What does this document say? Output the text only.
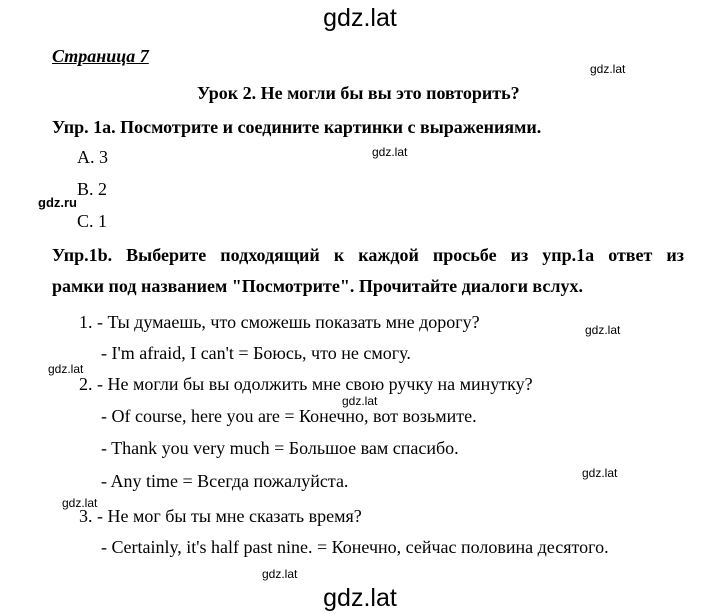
gdz.lat
Страница 7
gdz.lat
Урок 2. Не могли бы вы это повторить?
Упр. 1а. Посмотрите и соедините картинки с выражениями.
gdz.lat
A. 3
B. 2
gdz.ru
C. 1
Упр.1b. Выберите подходящий к каждой просьбе из упр.1а ответ из
рамки под названием "Посмотрите". Прочитайте диалоги вслух.
1. - Ты думаешь, что сможешь показать мне дорогу?	gdz.lat
- I'm afraid, I can't = Боюсь, что не смогу.
gdz.lat
2. - Не могли бы вы одолжить мне свою ручку на минутку?
gdz.lat
- Of course, here you are = Конечно, вот возьмите.
- Thank you very much = Большое вам спасибо.
gdz.lat
- Any time = Всегда пожалуйста.
gdz.lat
3. - Не мог бы ты мне сказать время?
- Certainly, it's half past nine. = Конечно, сейчас половина десятого.
gdz.lat
gdz.lat
